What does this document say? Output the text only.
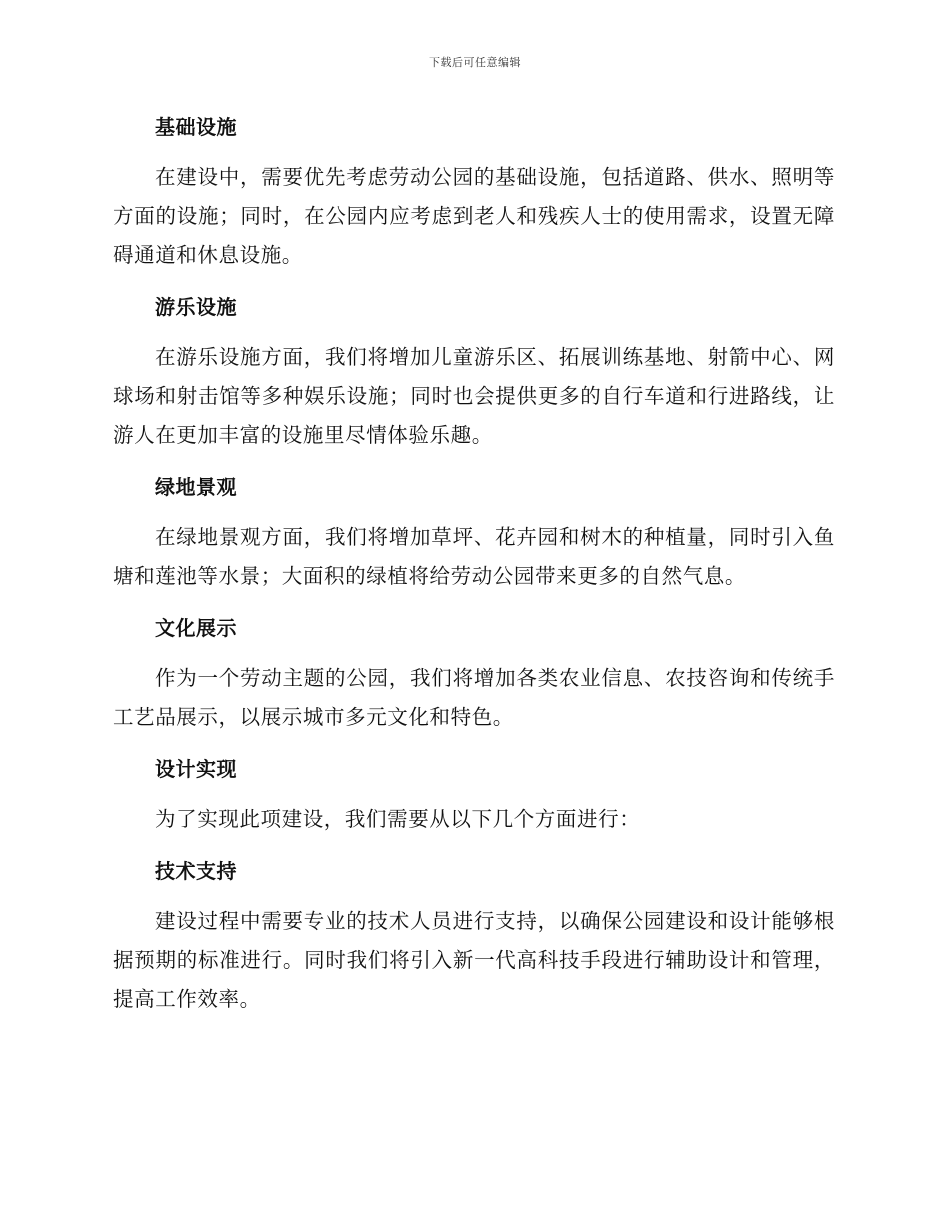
下载后可任意编辑
基础设施

在建设中，需要优先考虑劳动公园的基础设施，包括道路、供水、照明等方面的设施；同时，在公园内应考虑到老人和残疾人士的使用需求，设置无障碍通道和休息设施。

游乐设施

在游乐设施方面，我们将增加儿童游乐区、拓展训练基地、射箭中心、网球场和射击馆等多种娱乐设施；同时也会提供更多的自行车道和行进路线，让游人在更加丰富的设施里尽情体验乐趣。

绿地景观

在绿地景观方面，我们将增加草坪、花卉园和树木的种植量，同时引入鱼塘和莲池等水景；大面积的绿植将给劳动公园带来更多的自然气息。

文化展示

作为一个劳动主题的公园，我们将增加各类农业信息、农技咨询和传统手工艺品展示，以展示城市多元文化和特色。

设计实现

为了实现此项建设，我们需要从以下几个方面进行：

技术支持

建设过程中需要专业的技术人员进行支持，以确保公园建设和设计能够根据预期的标准进行。同时我们将引入新一代高科技手段进行辅助设计和管理，提高工作效率。
